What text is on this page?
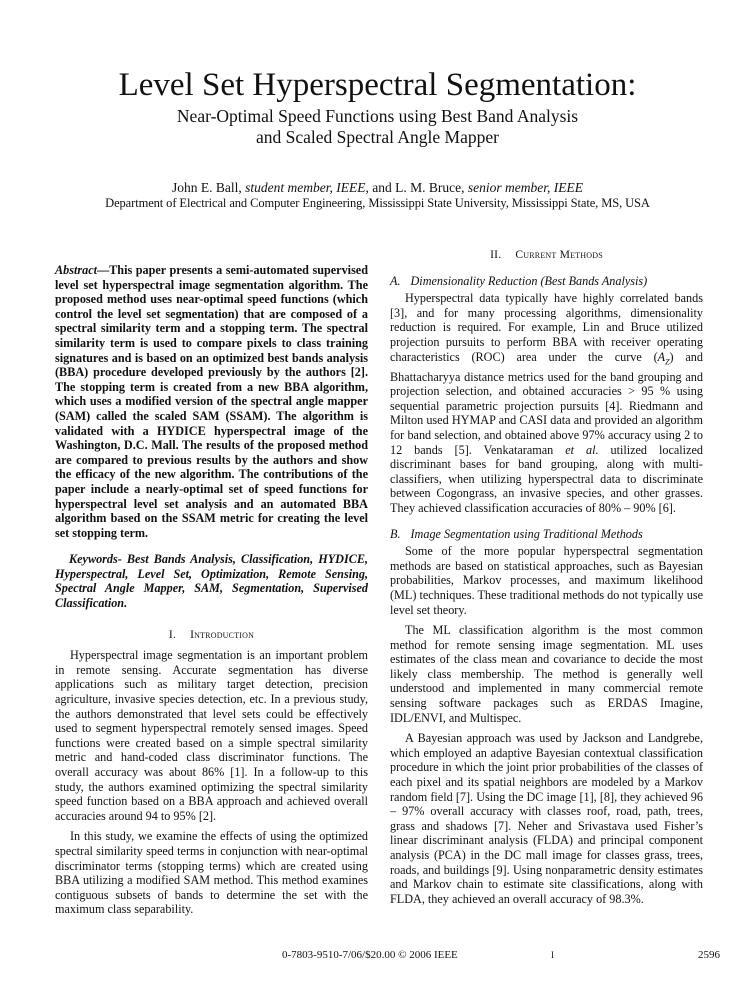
Level Set Hyperspectral Segmentation:
Near-Optimal Speed Functions using Best Band Analysis
and Scaled Spectral Angle Mapper
John E. Ball, student member, IEEE, and L. M. Bruce, senior member, IEEE
Department of Electrical and Computer Engineering, Mississippi State University, Mississippi State, MS, USA

Abstract—This paper presents a semi-automated supervised level set hyperspectral image segmentation algorithm. The proposed method uses near-optimal speed functions (which control the level set segmentation) that are composed of a spectral similarity term and a stopping term. The spectral similarity term is used to compare pixels to class training signatures and is based on an optimized best bands analysis (BBA) procedure developed previously by the authors [2]. The stopping term is created from a new BBA algorithm, which uses a modified version of the spectral angle mapper (SAM) called the scaled SAM (SSAM). The algorithm is validated with a HYDICE hyperspectral image of the Washington, D.C. Mall. The results of the proposed method are compared to previous results by the authors and show the efficacy of the new algorithm. The contributions of the paper include a nearly-optimal set of speed functions for hyperspectral level set analysis and an automated BBA algorithm based on the SSAM metric for creating the level set stopping term.

Keywords- Best Bands Analysis, Classification, HYDICE, Hyperspectral, Level Set, Optimization, Remote Sensing, Spectral Angle Mapper, SAM, Segmentation, Supervised Classification.

I. Introduction

Hyperspectral image segmentation is an important problem in remote sensing. Accurate segmentation has diverse applications such as military target detection, precision agriculture, invasive species detection, etc. In a previous study, the authors demonstrated that level sets could be effectively used to segment hyperspectral remotely sensed images. Speed functions were created based on a simple spectral similarity metric and hand-coded class discriminator functions. The overall accuracy was about 86% [1]. In a follow-up to this study, the authors examined optimizing the spectral similarity speed function based on a BBA approach and achieved overall accuracies around 94 to 95% [2].

In this study, we examine the effects of using the optimized spectral similarity speed terms in conjunction with near-optimal discriminator terms (stopping terms) which are created using BBA utilizing a modified SAM method. This method examines contiguous subsets of bands to determine the set with the maximum class separability.

II. Current Methods

A. Dimensionality Reduction (Best Bands Analysis)

Hyperspectral data typically have highly correlated bands [3], and for many processing algorithms, dimensionality reduction is required. For example, Lin and Bruce utilized projection pursuits to perform BBA with receiver operating characteristics (ROC) area under the curve $(A_Z)$ and Bhattacharyya distance metrics used for the band grouping and projection selection, and obtained accuracies > 95 % using sequential parametric projection pursuits [4]. Riedmann and Milton used HYMAP and CASI data and provided an algorithm for band selection, and obtained above 97% accuracy using 2 to 12 bands [5]. Venkataraman et al. utilized localized discriminant bases for band grouping, along with multi-classifiers, when utilizing hyperspectral data to discriminate between Cogongrass, an invasive species, and other grasses. They achieved classification accuracies of 80% – 90% [6].

B. Image Segmentation using Traditional Methods

Some of the more popular hyperspectral segmentation methods are based on statistical approaches, such as Bayesian probabilities, Markov processes, and maximum likelihood (ML) techniques. These traditional methods do not typically use level set theory.

The ML classification algorithm is the most common method for remote sensing image segmentation. ML uses estimates of the class mean and covariance to decide the most likely class membership. The method is generally well understood and implemented in many commercial remote sensing software packages such as ERDAS Imagine, IDL/ENVI, and Multispec.

A Bayesian approach was used by Jackson and Landgrebe, which employed an adaptive Bayesian contextual classification procedure in which the joint prior probabilities of the classes of each pixel and its spatial neighbors are modeled by a Markov random field [7]. Using the DC image [1], [8], they achieved 96 – 97% overall accuracy with classes roof, road, path, trees, grass and shadows [7]. Neher and Srivastava used Fisher’s linear discriminant analysis (FLDA) and principal component analysis (PCA) in the DC mall image for classes grass, trees, roads, and buildings [9]. Using nonparametric density estimates and Markov chain to estimate site classifications, along with FLDA, they achieved an overall accuracy of 98.3%.

0-7803-9510-7/06/$20.00 © 2006 IEEE	I	2596
